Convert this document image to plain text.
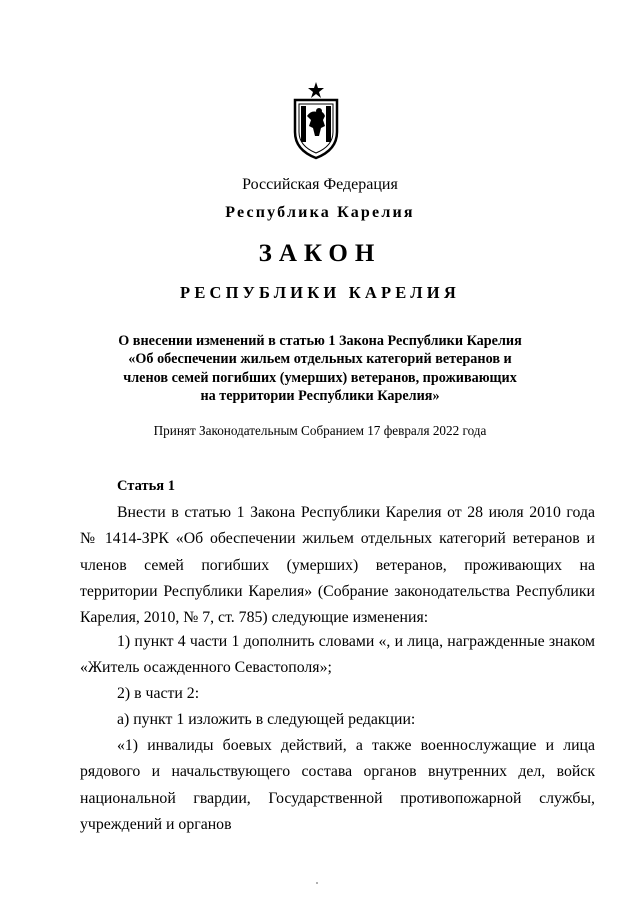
Российская Федерация
Республика Карелия
ЗАКОН
РЕСПУБЛИКИ КАРЕЛИЯ
О внесении изменений в статью 1 Закона Республики Карелия
«Об обеспечении жильем отдельных категорий ветеранов и
членов семей погибших (умерших) ветеранов, проживающих
на территории Республики Карелия»
Принят Законодательным Собранием 17 февраля 2022 года
Статья 1

Внести в статью 1 Закона Республики Карелия от 28 июля 2010 года № 1414-ЗРК «Об обеспечении жильем отдельных категорий ветеранов и членов семей погибших (умерших) ветеранов, проживающих на территории Республики Карелия» (Собрание законодательства Республики Карелия, 2010, № 7, ст. 785) следующие изменения:

1) пункт 4 части 1 дополнить словами «, и лица, награжденные знаком «Житель осажденного Севастополя»;

2) в части 2:

а) пункт 1 изложить в следующей редакции:

«1) инвалиды боевых действий, а также военнослужащие и лица рядового и начальствующего состава органов внутренних дел, войск национальной гвардии, Государственной противопожарной службы, учреждений и органов
